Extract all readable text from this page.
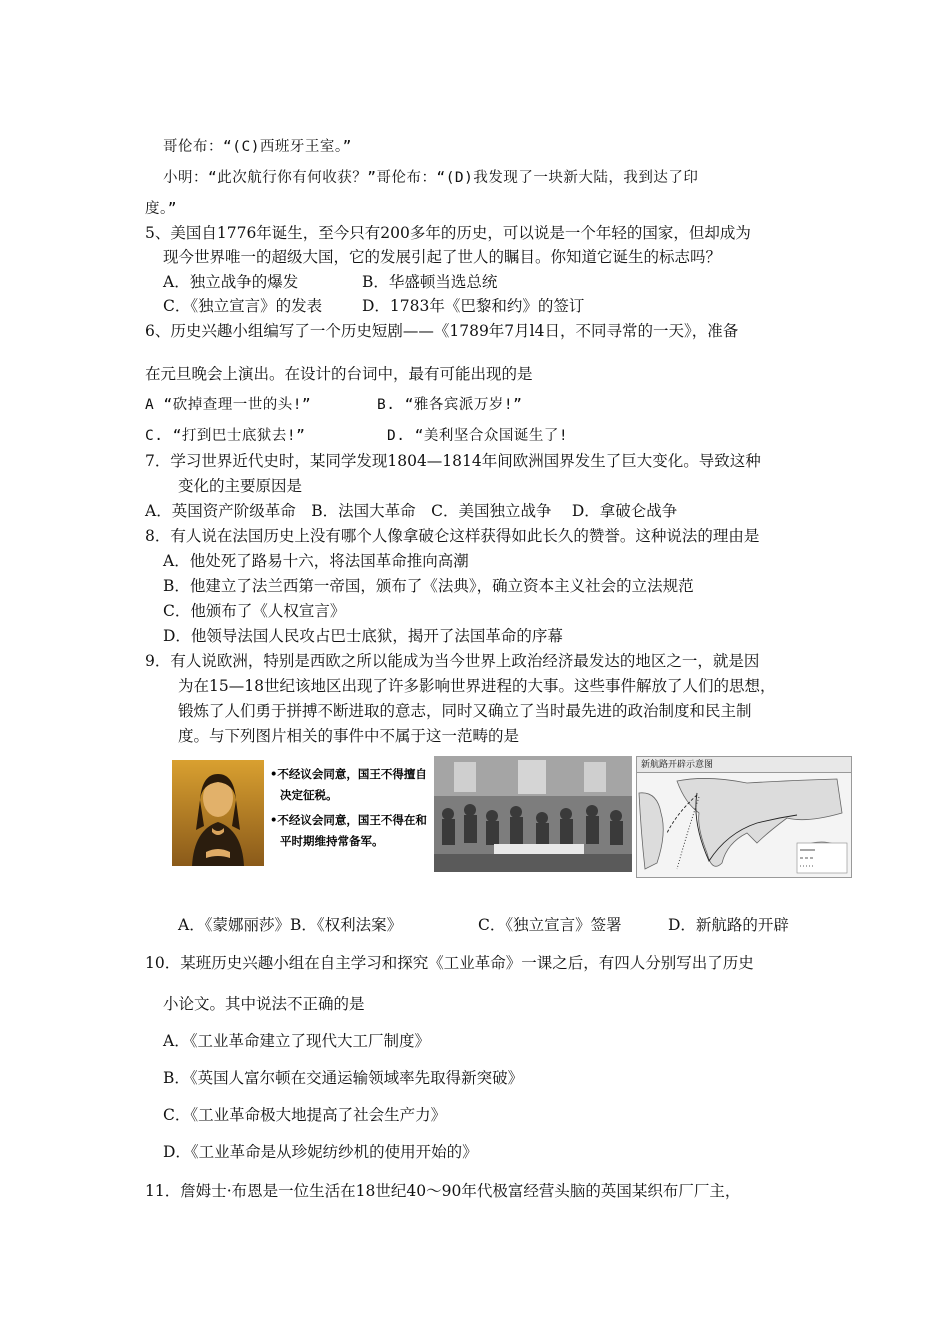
哥伦布：“(C)西班牙王室。”
小明：“此次航行你有何收获？”哥伦布：“(D)我发现了一块新大陆，我到达了印
度。”
5、美国自1776年诞生，至今只有200多年的历史，可以说是一个年轻的国家，但却成为
现今世界唯一的超级大国，它的发展引起了世人的瞩目。你知道它诞生的标志吗？
A．独立战争的爆发	B．华盛顿当选总统
C．《独立宣言》的发表	D．1783年《巴黎和约》的签订
6、历史兴趣小组编写了一个历史短剧——《1789年7月l4日，不同寻常的一天》，准备
在元旦晚会上演出。在设计的台词中，最有可能出现的是
A “砍掉查理一世的头!”	B. “雅各宾派万岁!”
C. “打到巴士底狱去!”	D. “美利坚合众国诞生了!
7．学习世界近代史时，某同学发现1804—1814年间欧洲国界发生了巨大变化。导致这种
变化的主要原因是
A．英国资产阶级革命　B．法国大革命　C．美国独立战争　 D．拿破仑战争
8．有人说在法国历史上没有哪个人像拿破仑这样获得如此长久的赞誉。这种说法的理由是
A．他处死了路易十六，将法国革命推向高潮
B．他建立了法兰西第一帝国，颁布了《法典》，确立资本主义社会的立法规范
C．他颁布了《人权宣言》
D．他领导法国人民攻占巴士底狱，揭开了法国革命的序幕
9．有人说欧洲，特别是西欧之所以能成为当今世界上政治经济最发达的地区之一，就是因
为在15—18世纪该地区出现了许多影响世界进程的大事。这些事件解放了人们的思想，
锻炼了人们勇于拼搏不断进取的意志，同时又确立了当时最先进的政治制度和民主制
度。与下列图片相关的事件中不属于这一范畴的是

•不经议会同意，国王不得擅自

决定征税。

•不经议会同意，国王不得在和

平时期维持常备军。

新航路开辟示意图
A．《蒙娜丽莎》B．《权利法案》	C．《独立宣言》签署	D．新航路的开辟
10．某班历史兴趣小组在自主学习和探究《工业革命》一课之后，有四人分别写出了历史
小论文。其中说法不正确的是
A．《工业革命建立了现代大工厂制度》
B．《英国人富尔顿在交通运输领域率先取得新突破》
C．《工业革命极大地提高了社会生产力》
D．《工业革命是从珍妮纺纱机的使用开始的》
11．詹姆士·布恩是一位生活在18世纪40～90年代极富经营头脑的英国某织布厂厂主，
